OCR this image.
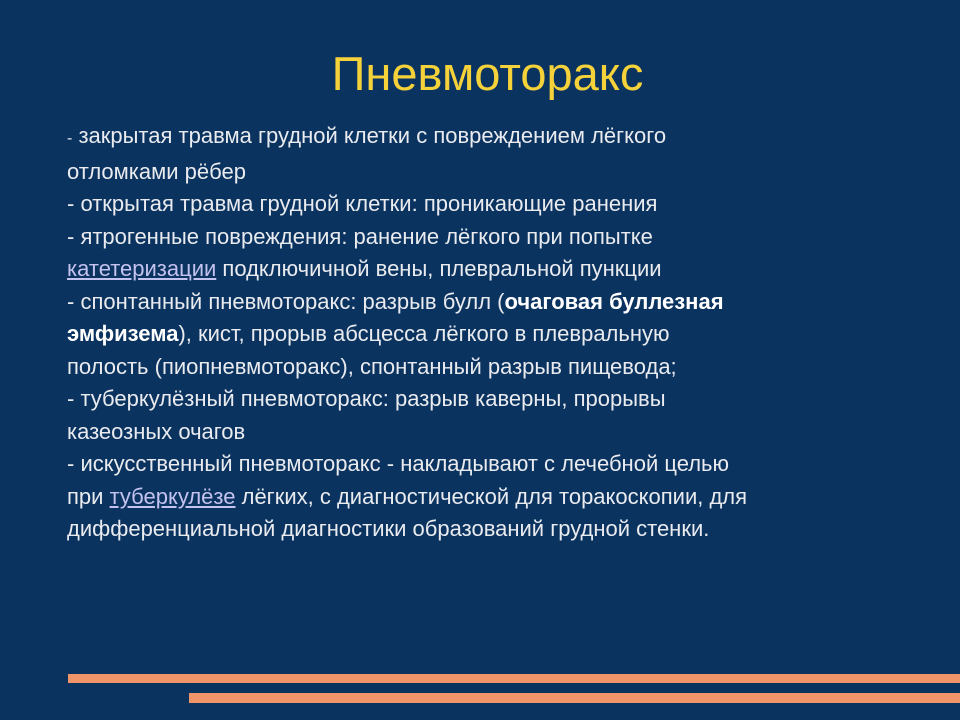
Пневмоторакс
- закрытая травма грудной клетки с повреждением лёгкого
отломками рёбер
- открытая травма грудной клетки: проникающие ранения
- ятрогенные повреждения: ранение лёгкого при попытке
катетеризации подключичной вены, плевральной пункции
- спонтанный пневмоторакс: разрыв булл (очаговая буллезная
эмфизема), кист, прорыв абсцесса лёгкого в плевральную
полость (пиопневмоторакс), спонтанный разрыв пищевода;
- туберкулёзный пневмоторакс: разрыв каверны, прорывы
казеозных очагов
- искусственный пневмоторакс - накладывают с лечебной целью
при туберкулёзе лёгких, с диагностической для торакоскопии, для
дифференциальной диагностики образований грудной стенки.
